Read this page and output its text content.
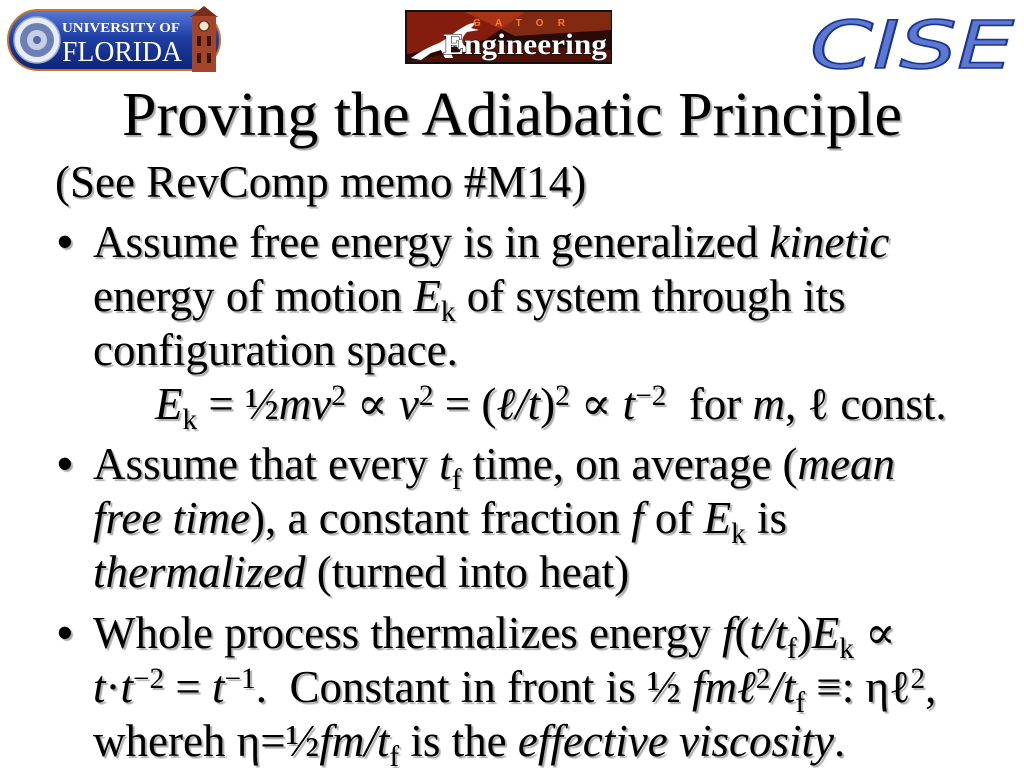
UNIVERSITY OF
FLORIDA
GATOR
Engineering	CISE
Proving the Adiabatic Principle
(See RevComp memo #M14)
• Assume free energy is in generalized kinetic
energy of motion $E_k$ of system through its
configuration space.
$E_k$ = $\frac{1}{2}mv^2 \propto v^2$ = (ℓ/t)$^2$ ∝ $t^{-2}$  for m, ℓ const.
• Assume that every $t_f$ time, on average (mean
free time), a constant fraction f of $E_k$ is
thermalized (turned into heat)
• Whole process thermalizes energy $f(t/t_f)E_k$ ∝
$t\cdot t^{-2} = t^{-1}$.  Constant in front is ½ $fm\ell^2/t_f$ ≡: ηℓ$^2$,
whereh $\eta=\frac{1}{2}fm/t_f$ is the effective viscosity.
